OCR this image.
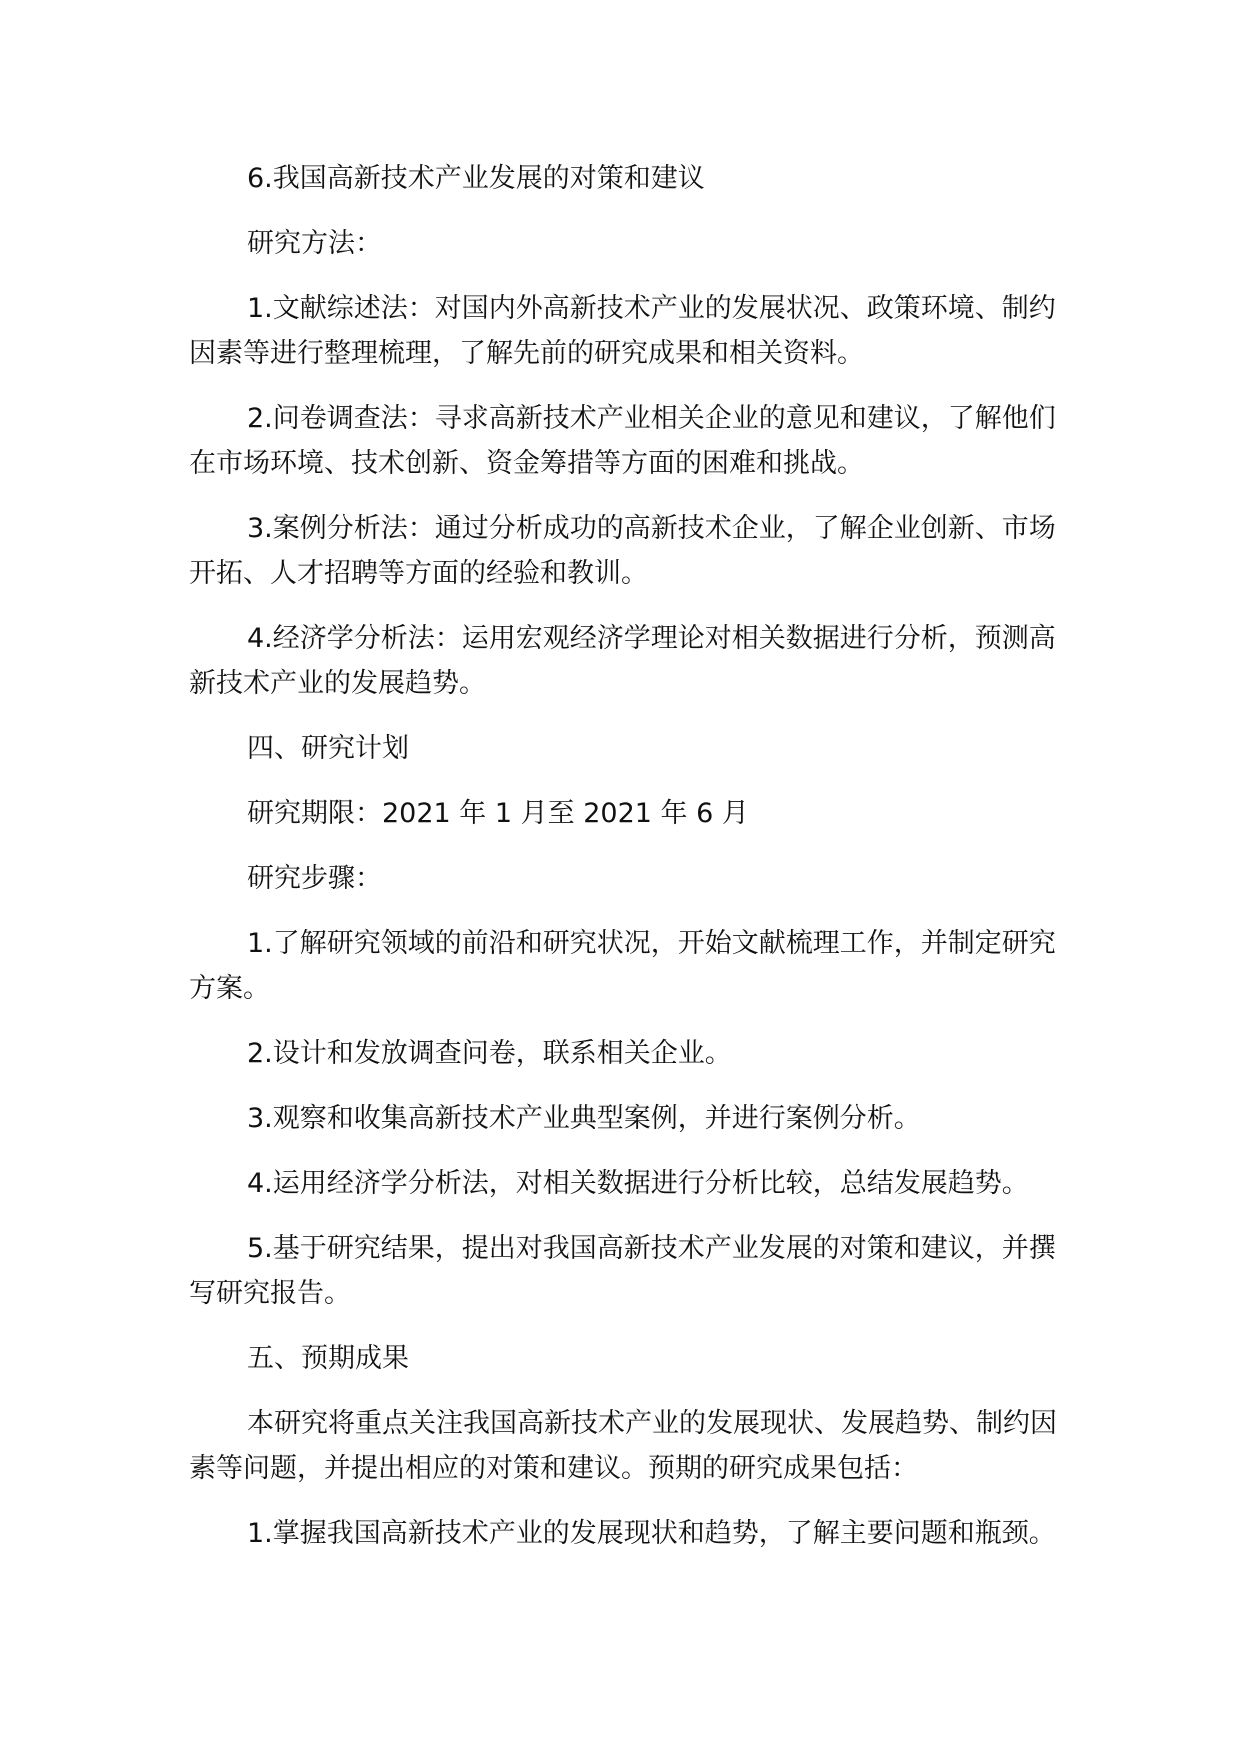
6.我国高新技术产业发展的对策和建议

研究方法：

1.文献综述法：对国内外高新技术产业的发展状况、政策环境、制约因素等进行整理梳理，了解先前的研究成果和相关资料。

2.问卷调查法：寻求高新技术产业相关企业的意见和建议，了解他们在市场环境、技术创新、资金筹措等方面的困难和挑战。

3.案例分析法：通过分析成功的高新技术企业，了解企业创新、市场开拓、人才招聘等方面的经验和教训。

4.经济学分析法：运用宏观经济学理论对相关数据进行分析，预测高新技术产业的发展趋势。

四、研究计划

研究期限：2021 年 1 月至 2021 年 6 月

研究步骤：

1.了解研究领域的前沿和研究状况，开始文献梳理工作，并制定研究方案。

2.设计和发放调查问卷，联系相关企业。

3.观察和收集高新技术产业典型案例，并进行案例分析。

4.运用经济学分析法，对相关数据进行分析比较，总结发展趋势。

5.基于研究结果，提出对我国高新技术产业发展的对策和建议，并撰写研究报告。

五、预期成果

本研究将重点关注我国高新技术产业的发展现状、发展趋势、制约因素等问题，并提出相应的对策和建议。预期的研究成果包括：

1.掌握我国高新技术产业的发展现状和趋势，了解主要问题和瓶颈。
